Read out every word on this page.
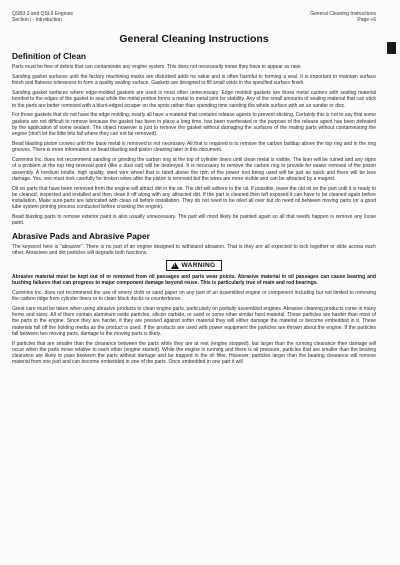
QSB3.3 and QSL9 Engines
Section i - Introduction
General Cleaning Instructions
Page i-6
General Cleaning Instructions
Definition of Clean

Parts must be free of debris that can contaminate any engine system. This does not necessarily mean they have to appear as new.

Sanding gasket surfaces until the factory machining marks are disturbed adds no value and is often harmful to forming a seal. It is important to maintain surface finish and flatness tolerances to form a quality sealing surface. Gaskets are designed to fill small voids in the specified surface finish.

Sanding gasket surfaces where edge-molded gaskets are used is most often unnecessary. Edge molded gaskets are those metal carriers with sealing material bonded to the edges of the gasket to seal while the metal portion forms a metal to metal joint for stability. Any of the small amounts of sealing material that can stick to the parts are better removed with a blunt-edged scraper on the spots rather than spending time sanding the whole surface with an air sander or disc.

For those gaskets that do not have the edge molding, nearly all have a material that contains release agents to prevent sticking. Certainly this is not to say that some gaskets are not difficult to remove because the gasket has been in place a long time, has been overheated or the purpose of the release agent has been defeated by the application of some sealant. The object however is just to remove the gasket without damaging the surfaces of the mating parts without contaminating the engine (don't let the little bits fall where they can not be removed).

Bead blasting piston crowns until the base metal is removed is not necessary. All that is required is to remove the carbon buildup above the top ring and in the ring grooves. There is more information on bead blasting and piston cleaning later in this document.

Cummins Inc. does not recommend sanding or grinding the carbon ring at the top of cylinder liners until clean metal is visible. The liner will be ruined and any signs of a problem at the top ring reversal point (like a dust out) will be destroyed. It is necessary to remove the carbon ring to provide for easier removal of the piston assembly. A medium bristle, high quality, steel wire wheel that is rated above the rpm of the power tool being used will be just as quick and there will be less damage. Yes, one must look carefully for broken wires after the piston is removed but the wires are more visible and can be attracted by a magnet.

Oil on parts that have been removed from the engine will attract dirt in the air. The dirt will adhere to the oil. If possible, leave the old oil on the part until it is ready to be cleaned, inspected and installed and then clean it off along with any attracted dirt. If the part is cleaned then left exposed it can have to be cleaned again before installation. Make sure parts are lubricated with clean oil before installation. They do not need to be oiled all over but do need oil between moving parts (or a good lube system priming process conducted before cranking the engine).

Bead blasting parts to remove exterior paint is also usually unnecessary. The part will most likely be painted again so all that needs happen is remove any loose paint.

Abrasive Pads and Abrasive Paper

The keyword here is "abrasive". There is no part of an engine designed to withstand abrasion. That is they are all expected to lock together or slide across each other. Abrasives and dirt particles will degrade both functions.

!
WARNING

Abrasive material must be kept out of or removed from oil passages and parts wear points. Abrasive material in oil passages can cause bearing and bushing failures that can progress to major component damage beyond reuse. This is particularly true of main and rod bearings.

Cummins Inc. does not recommend the use of emery cloth or sand paper on any part of an assembled engine or component including but not limited to removing the carbon ridge from cylinder liners or to clean block decks or counterbores.

Great care must be taken when using abrasive products to clean engine parts, particularly on partially assembled engines. Abrasive cleaning products come in many forms and sizes. All of them contain aluminum oxide particles, silicon carbide, or sand or some other similar hard material. These particles are harder than most of the parts in the engine. Since they are harder, if they are pressed against softer material they will either damage the material or become embedded in it. These materials fall off the holding media as the product is used. If the products are used with power equipment the particles are thrown about the engine. If the particles fall between two moving parts, damage to the moving parts is likely.

If particles that are smaller than the clearance between the parts while they are at rest (engine stopped), but larger than the running clearance then damage will occur when the parts move relative to each other (engine started). While the engine is running and there is oil pressure, particles that are smaller than the bearing clearance are likely to pass between the parts without damage and be trapped in the oil filter. However, particles larger than the bearing clearance will remove material from one part and can become embedded in one of the parts. Once embedded in one part it will
